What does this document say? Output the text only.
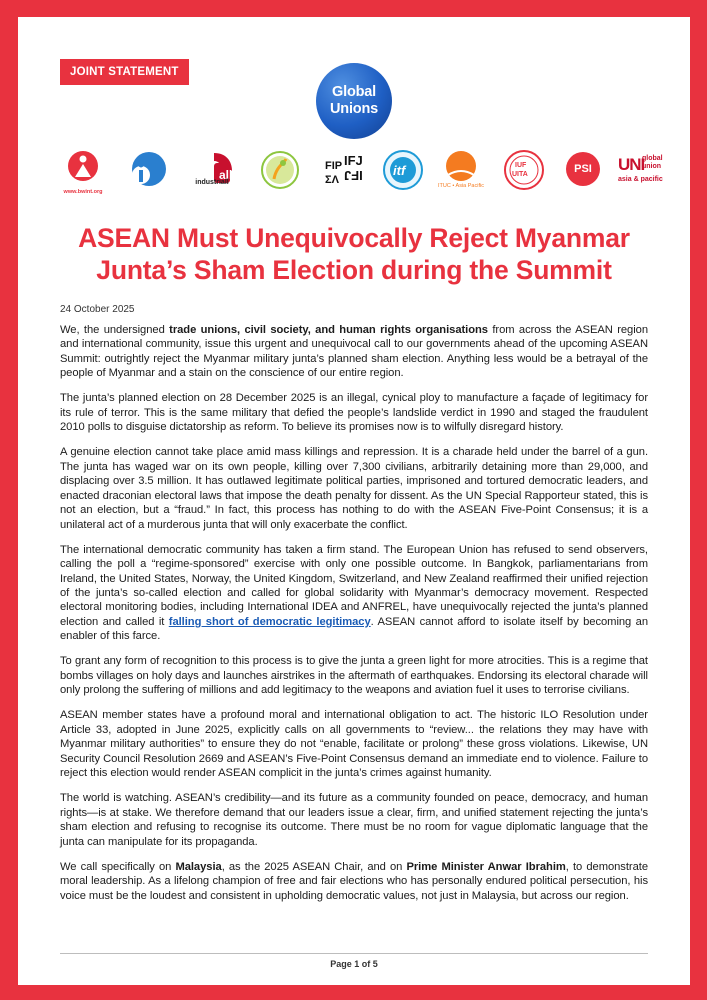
JOINT STATEMENT
Global
Unions
www.bwint.org
all
industriall
FIP
ΣΛ
IFJ
IFJ itf
ITUC • Asia Pacific
IUF
UITA	PSI	UNI
global
union
asia & pacific
ASEAN Must Unequivocally Reject Myanmar
Junta’s Sham Election during the Summit
24 October 2025

We, the undersigned trade unions, civil society, and human rights organisations from across the ASEAN region and international community, issue this urgent and unequivocal call to our governments ahead of the upcoming ASEAN Summit: outrightly reject the Myanmar military junta’s planned sham election. Anything less would be a betrayal of the people of Myanmar and a stain on the conscience of our entire region.

The junta’s planned election on 28 December 2025 is an illegal, cynical ploy to manufacture a façade of legitimacy for its rule of terror. This is the same military that defied the people’s landslide verdict in 1990 and staged the fraudulent 2010 polls to disguise dictatorship as reform. To believe its promises now is to wilfully disregard history.

A genuine election cannot take place amid mass killings and repression. It is a charade held under the barrel of a gun. The junta has waged war on its own people, killing over 7,300 civilians, arbitrarily detaining more than 29,000, and displacing over 3.5 million. It has outlawed legitimate political parties, imprisoned and tortured democratic leaders, and enacted draconian electoral laws that impose the death penalty for dissent. As the UN Special Rapporteur stated, this is not an election, but a “fraud.” In fact, this process has nothing to do with the ASEAN Five-Point Consensus; it is a unilateral act of a murderous junta that will only exacerbate the conflict.

The international democratic community has taken a firm stand. The European Union has refused to send observers, calling the poll a “regime-sponsored” exercise with only one possible outcome. In Bangkok, parliamentarians from Ireland, the United States, Norway, the United Kingdom, Switzerland, and New Zealand reaffirmed their unified rejection of the junta’s so-called election and called for global solidarity with Myanmar’s democracy movement. Respected electoral monitoring bodies, including International IDEA and ANFREL, have unequivocally rejected the junta’s planned election and called it falling short of democratic legitimacy. ASEAN cannot afford to isolate itself by becoming an enabler of this farce.

To grant any form of recognition to this process is to give the junta a green light for more atrocities. This is a regime that bombs villages on holy days and launches airstrikes in the aftermath of earthquakes. Endorsing its electoral charade will only prolong the suffering of millions and add legitimacy to the weapons and aviation fuel it uses to terrorise civilians.

ASEAN member states have a profound moral and international obligation to act. The historic ILO Resolution under Article 33, adopted in June 2025, explicitly calls on all governments to “review... the relations they may have with Myanmar military authorities” to ensure they do not “enable, facilitate or prolong” these gross violations. Likewise, UN Security Council Resolution 2669 and ASEAN’s Five-Point Consensus demand an immediate end to violence. Failure to reject this election would render ASEAN complicit in the junta’s crimes against humanity.

The world is watching. ASEAN’s credibility—and its future as a community founded on peace, democracy, and human rights—is at stake. We therefore demand that our leaders issue a clear, firm, and unified statement rejecting the junta’s sham election and refusing to recognise its outcome. There must be no room for vague diplomatic language that the junta can manipulate for its propaganda.

We call specifically on Malaysia, as the 2025 ASEAN Chair, and on Prime Minister Anwar Ibrahim, to demonstrate moral leadership. As a lifelong champion of free and fair elections who has personally endured political persecution, his voice must be the loudest and consistent in upholding democratic values, not just in Malaysia, but across our region.

Page 1 of 5
